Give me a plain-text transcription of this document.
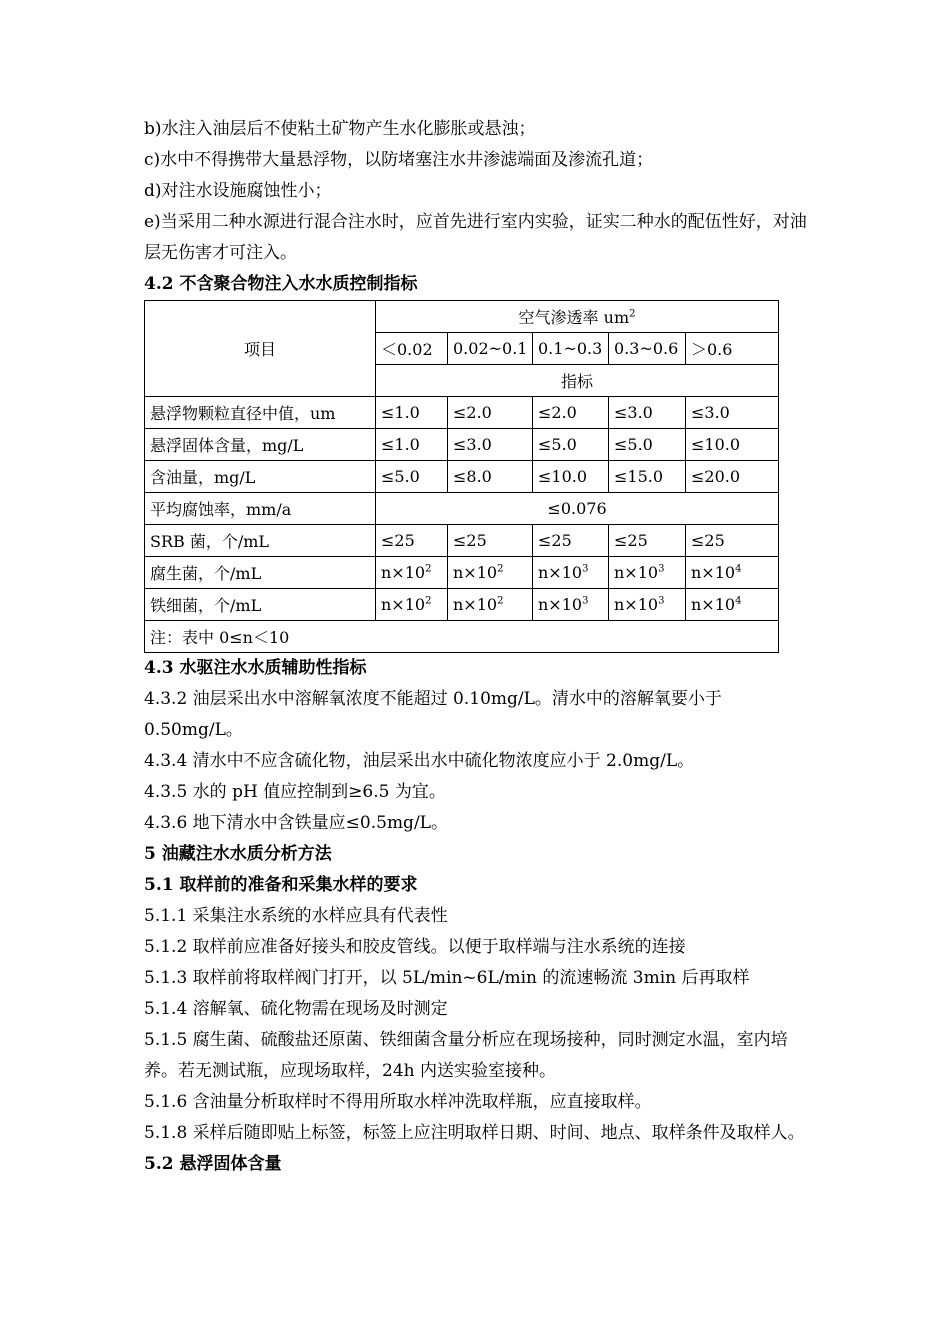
b)水注入油层后不使粘土矿物产生水化膨胀或悬浊；

c)水中不得携带大量悬浮物，以防堵塞注水井渗滤端面及渗流孔道；

d)对注水设施腐蚀性小；

e)当采用二种水源进行混合注水时，应首先进行室内实验，证实二种水的配伍性好，对油层无伤害才可注入。

4.2 不含聚合物注入水水质控制指标

项目	空气渗透率 $um^2$
	＜0.02	0.02~0.1	0.1~0.3	0.3~0.6	＞0.6
	指标				
悬浮物颗粒直径中值，um	≤1.0	≤2.0	≤2.0	≤3.0	≤3.0
悬浮固体含量，mg/L	≤1.0	≤3.0	≤5.0	≤5.0	≤10.0
含油量，mg/L	≤5.0	≤8.0	≤10.0	≤15.0	≤20.0
平均腐蚀率，mm/a	≤0.076				
SRB 菌，个/mL	≤25	≤25	≤25	≤25	≤25
腐生菌，个/mL	$n\times 10^2$	$n\times 10^2$	$n\times 10^3$	$n\times 10^3$	$n\times 10^4$
铁细菌，个/mL	$n\times 10^2$	$n\times 10^2$	$n\times 10^3$	$n\times 10^3$	$n\times 10^4$
注：表中 0≤n＜10					

4.3 水驱注水水质辅助性指标

4.3.2 油层采出水中溶解氧浓度不能超过 0.10mg/L。清水中的溶解氧要小于 0.50mg/L。

4.3.4 清水中不应含硫化物，油层采出水中硫化物浓度应小于 2.0mg/L。

4.3.5 水的 pH 值应控制到≥6.5 为宜。

4.3.6 地下清水中含铁量应≤0.5mg/L。

5 油藏注水水质分析方法

5.1 取样前的准备和采集水样的要求

5.1.1 采集注水系统的水样应具有代表性

5.1.2 取样前应准备好接头和胶皮管线。以便于取样端与注水系统的连接

5.1.3 取样前将取样阀门打开，以 5L/min~6L/min 的流速畅流 3min 后再取样

5.1.4 溶解氧、硫化物需在现场及时测定

5.1.5 腐生菌、硫酸盐还原菌、铁细菌含量分析应在现场接种，同时测定水温，室内培养。若无测试瓶，应现场取样，24h 内送实验室接种。

5.1.6 含油量分析取样时不得用所取水样冲洗取样瓶，应直接取样。

5.1.8 采样后随即贴上标签，标签上应注明取样日期、时间、地点、取样条件及取样人。

5.2 悬浮固体含量
